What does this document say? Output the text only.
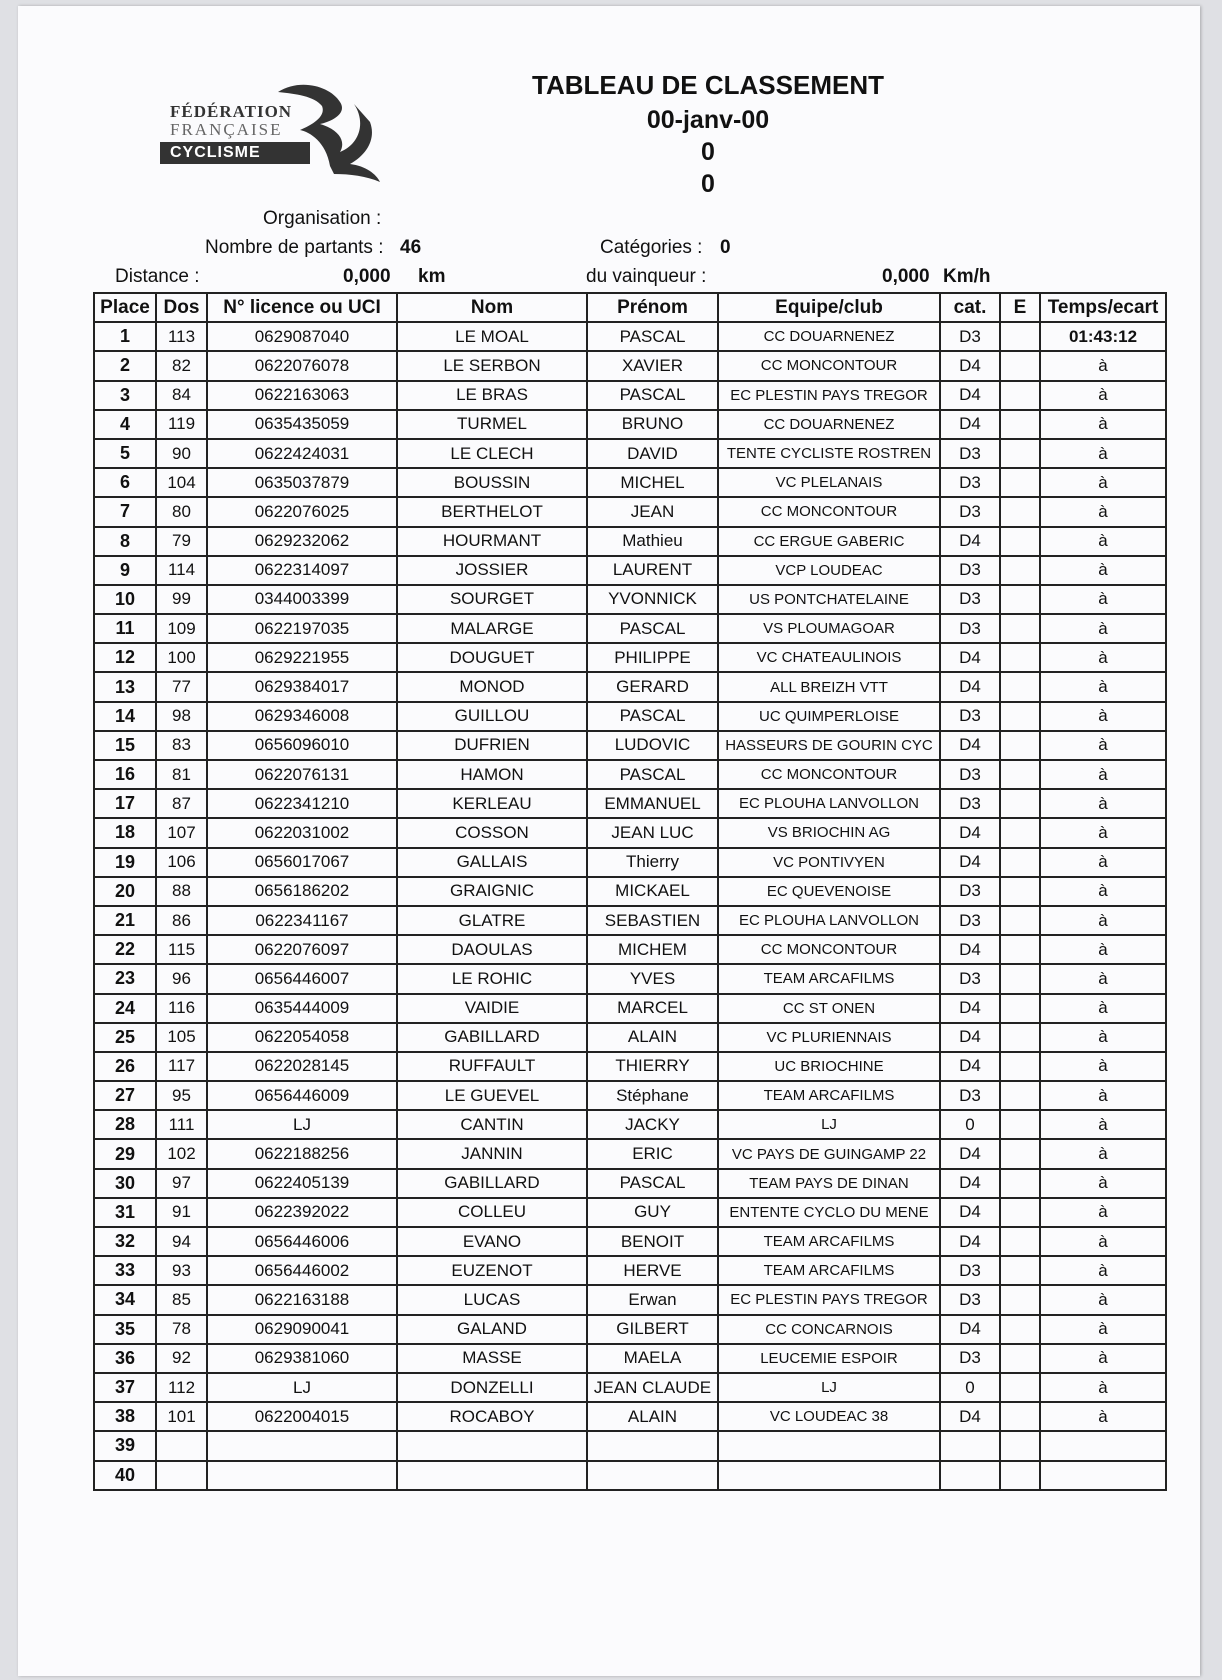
FÉDÉRATION
FRANÇAISE
CYCLISME
TABLEAU DE CLASSEMENT
00-janv-00
0
0
Organisation :
Nombre de partants : 46	Catégories : 0
Distance :	0,000 km	du vainqueur :	0,000 Km/h
Place	Dos	N° licence ou UCI	Nom	Prénom	Equipe/club	cat.	E	Temps/ecart
1	113	0629087040	LE MOAL	PASCAL	CC DOUARNENEZ	D3		01:43:12
2	82	0622076078	LE SERBON	XAVIER	CC MONCONTOUR	D4		à
3	84	0622163063	LE BRAS	PASCAL	EC PLESTIN PAYS TREGOR	D4		à
4	119	0635435059	TURMEL	BRUNO	CC DOUARNENEZ	D4		à
5	90	0622424031	LE CLECH	DAVID	TENTE CYCLISTE ROSTREN	D3		à
6	104	0635037879	BOUSSIN	MICHEL	VC PLELANAIS	D3		à
7	80	0622076025	BERTHELOT	JEAN	CC MONCONTOUR	D3		à
8	79	0629232062	HOURMANT	Mathieu	CC ERGUE GABERIC	D4		à
9	114	0622314097	JOSSIER	LAURENT	VCP LOUDEAC	D3		à
10	99	0344003399	SOURGET	YVONNICK	US PONTCHATELAINE	D3		à
11	109	0622197035	MALARGE	PASCAL	VS PLOUMAGOAR	D3		à
12	100	0629221955	DOUGUET	PHILIPPE	VC CHATEAULINOIS	D4		à
13	77	0629384017	MONOD	GERARD	ALL BREIZH VTT	D4		à
14	98	0629346008	GUILLOU	PASCAL	UC QUIMPERLOISE	D3		à
15	83	0656096010	DUFRIEN	LUDOVIC	HASSEURS DE GOURIN CYC	D4		à
16	81	0622076131	HAMON	PASCAL	CC MONCONTOUR	D3		à
17	87	0622341210	KERLEAU	EMMANUEL	EC PLOUHA LANVOLLON	D3		à
18	107	0622031002	COSSON	JEAN LUC	VS BRIOCHIN AG	D4		à
19	106	0656017067	GALLAIS	Thierry	VC PONTIVYEN	D4		à
20	88	0656186202	GRAIGNIC	MICKAEL	EC QUEVENOISE	D3		à
21	86	0622341167	GLATRE	SEBASTIEN	EC PLOUHA LANVOLLON	D3		à
22	115	0622076097	DAOULAS	MICHEM	CC MONCONTOUR	D4		à
23	96	0656446007	LE ROHIC	YVES	TEAM ARCAFILMS	D3		à
24	116	0635444009	VAIDIE	MARCEL	CC ST ONEN	D4		à
25	105	0622054058	GABILLARD	ALAIN	VC PLURIENNAIS	D4		à
26	117	0622028145	RUFFAULT	THIERRY	UC BRIOCHINE	D4		à
27	95	0656446009	LE GUEVEL	Stéphane	TEAM ARCAFILMS	D3		à
28	111	LJ	CANTIN	JACKY	LJ	0		à
29	102	0622188256	JANNIN	ERIC	VC PAYS DE GUINGAMP 22	D4		à
30	97	0622405139	GABILLARD	PASCAL	TEAM PAYS DE DINAN	D4		à
31	91	0622392022	COLLEU	GUY	ENTENTE CYCLO DU MENE	D4		à
32	94	0656446006	EVANO	BENOIT	TEAM ARCAFILMS	D4		à
33	93	0656446002	EUZENOT	HERVE	TEAM ARCAFILMS	D3		à
34	85	0622163188	LUCAS	Erwan	EC PLESTIN PAYS TREGOR	D3		à
35	78	0629090041	GALAND	GILBERT	CC CONCARNOIS	D4		à
36	92	0629381060	MASSE	MAELA	LEUCEMIE ESPOIR	D3		à
37	112	LJ	DONZELLI	JEAN CLAUDE	LJ	0		à
38	101	0622004015	ROCABOY	ALAIN	VC LOUDEAC 38	D4		à
39								
40								
